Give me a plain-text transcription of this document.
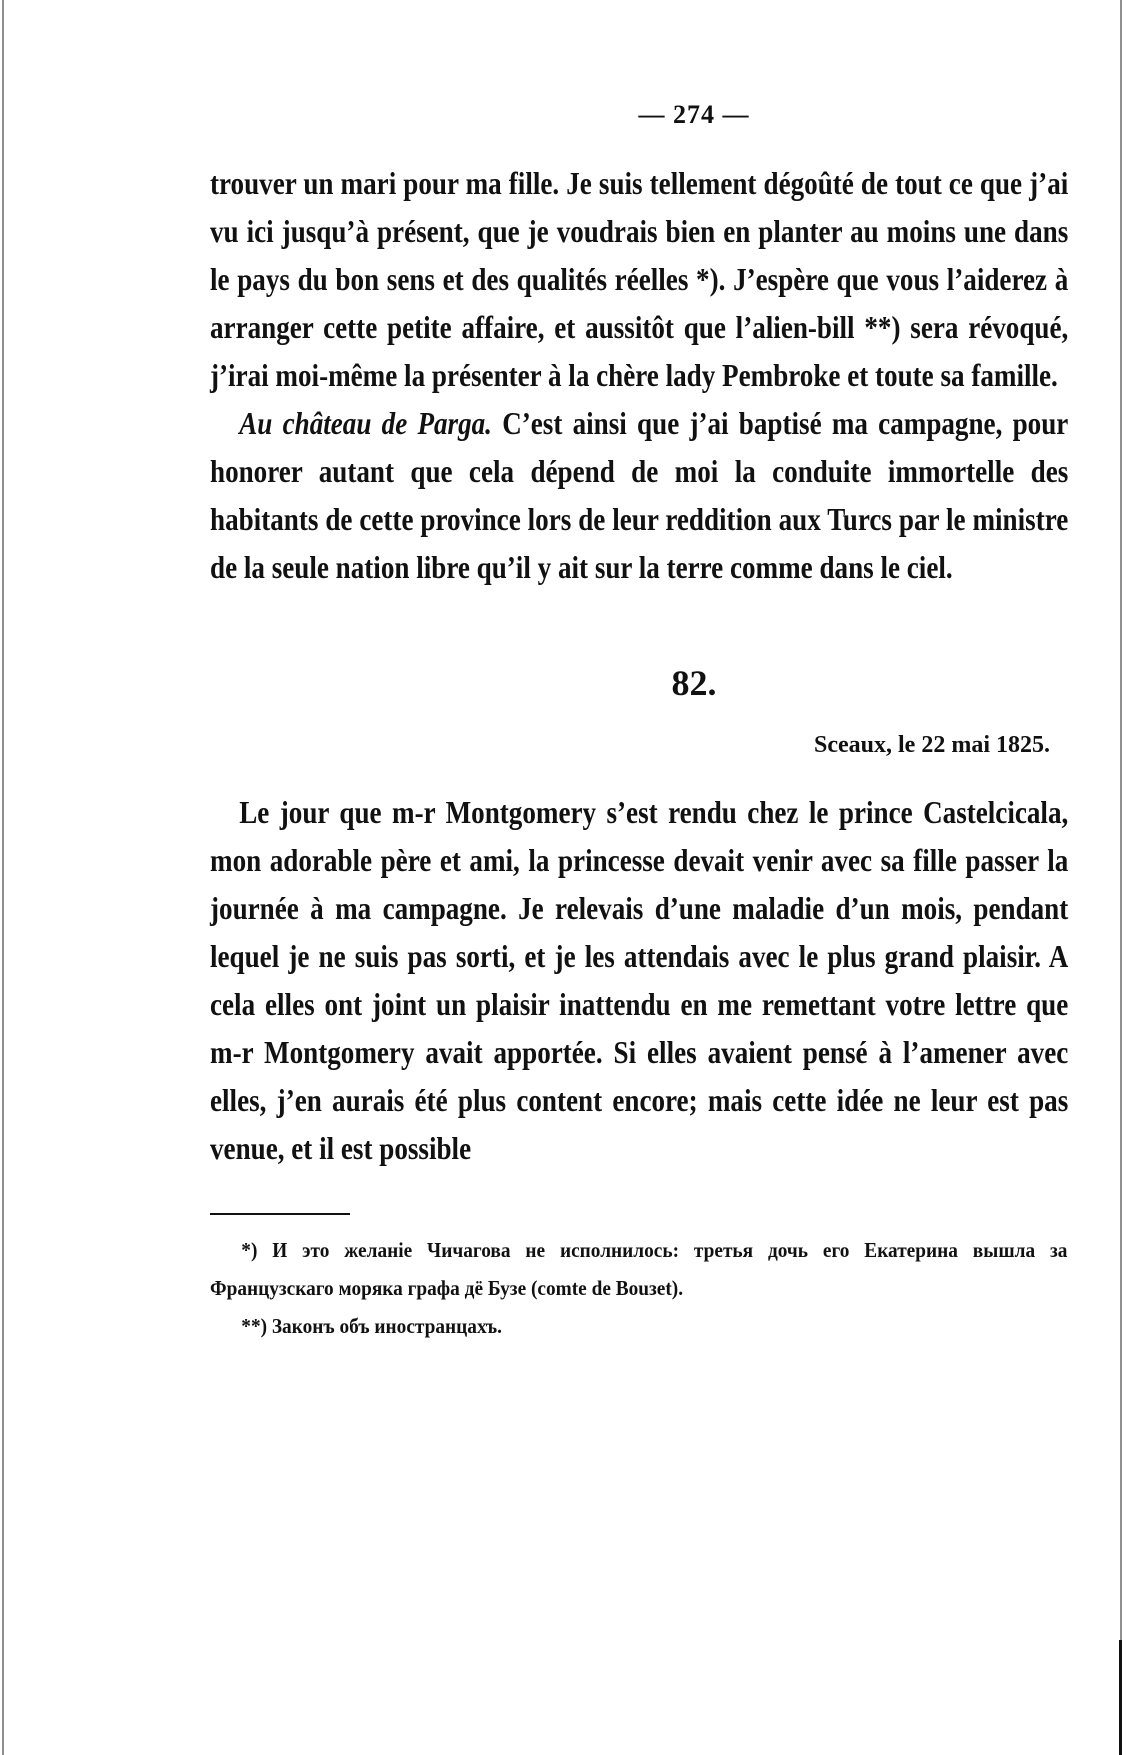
— 274 —

trouver un mari pour ma fille. Je suis tellement dégoûté de tout ce que j’ai vu ici jusqu’à présent, que je voudrais bien en planter au moins une dans le pays du bon sens et des qualités réelles *). J’espère que vous l’aiderez à arranger cette petite affaire, et aussitôt que l’alien-bill **) sera révoqué, j’irai moi-même la présenter à la chère lady Pembroke et toute sa famille.

Au château de Parga. C’est ainsi que j’ai baptisé ma campagne, pour honorer autant que cela dépend de moi la conduite immortelle des habitants de cette province lors de leur reddition aux Turcs par le ministre de la seule nation libre qu’il y ait sur la terre comme dans le ciel.

82.
Sceaux, le 22 mai 1825.

Le jour que m-r Montgomery s’est rendu chez le prince Castelcicala, mon adorable père et ami, la princesse devait venir avec sa fille passer la journée à ma campagne. Je relevais d’une maladie d’un mois, pendant lequel je ne suis pas sorti, et je les attendais avec le plus grand plaisir. A cela elles ont joint un plaisir inattendu en me remettant votre lettre que m-r Montgomery avait apportée. Si elles avaient pensé à l’amener avec elles, j’en aurais été plus content encore; mais cette idée ne leur est pas venue, et il est possible

*) И это желаніе Чичагова не исполнилось: третья дочь его Екатерина вышла за Французскаго моряка графа дё Бузе (comte de Bouзet).

**) Законъ объ иностранцахъ.
